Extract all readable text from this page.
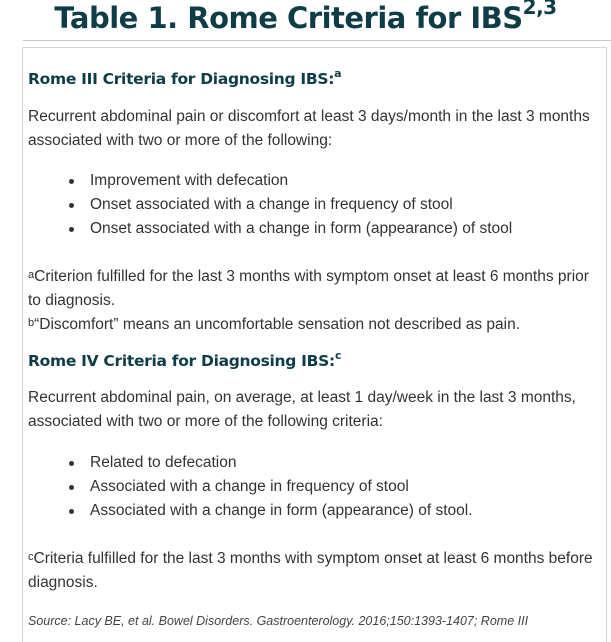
Table 1. Rome Criteria for IBS$^{2,3}$
Rome III Criteria for Diagnosing IBS:$^a$
Recurrent abdominal pain or discomfort at least 3 days/month in the last 3 months associated with two or more of the following:
Improvement with defecation
Onset associated with a change in frequency of stool
Onset associated with a change in form (appearance) of stool
$^a$Criterion fulfilled for the last 3 months with symptom onset at least 6 months prior to diagnosis.
$^b$“Discomfort” means an uncomfortable sensation not described as pain.
Rome IV Criteria for Diagnosing IBS:$^c$
Recurrent abdominal pain, on average, at least 1 day/week in the last 3 months, associated with two or more of the following criteria:
Related to defecation
Associated with a change in frequency of stool
Associated with a change in form (appearance) of stool.
$^c$Criteria fulfilled for the last 3 months with symptom onset at least 6 months before diagnosis.
Source: Lacy BE, et al. Bowel Disorders. Gastroenterology. 2016;150:1393-1407; Rome III
